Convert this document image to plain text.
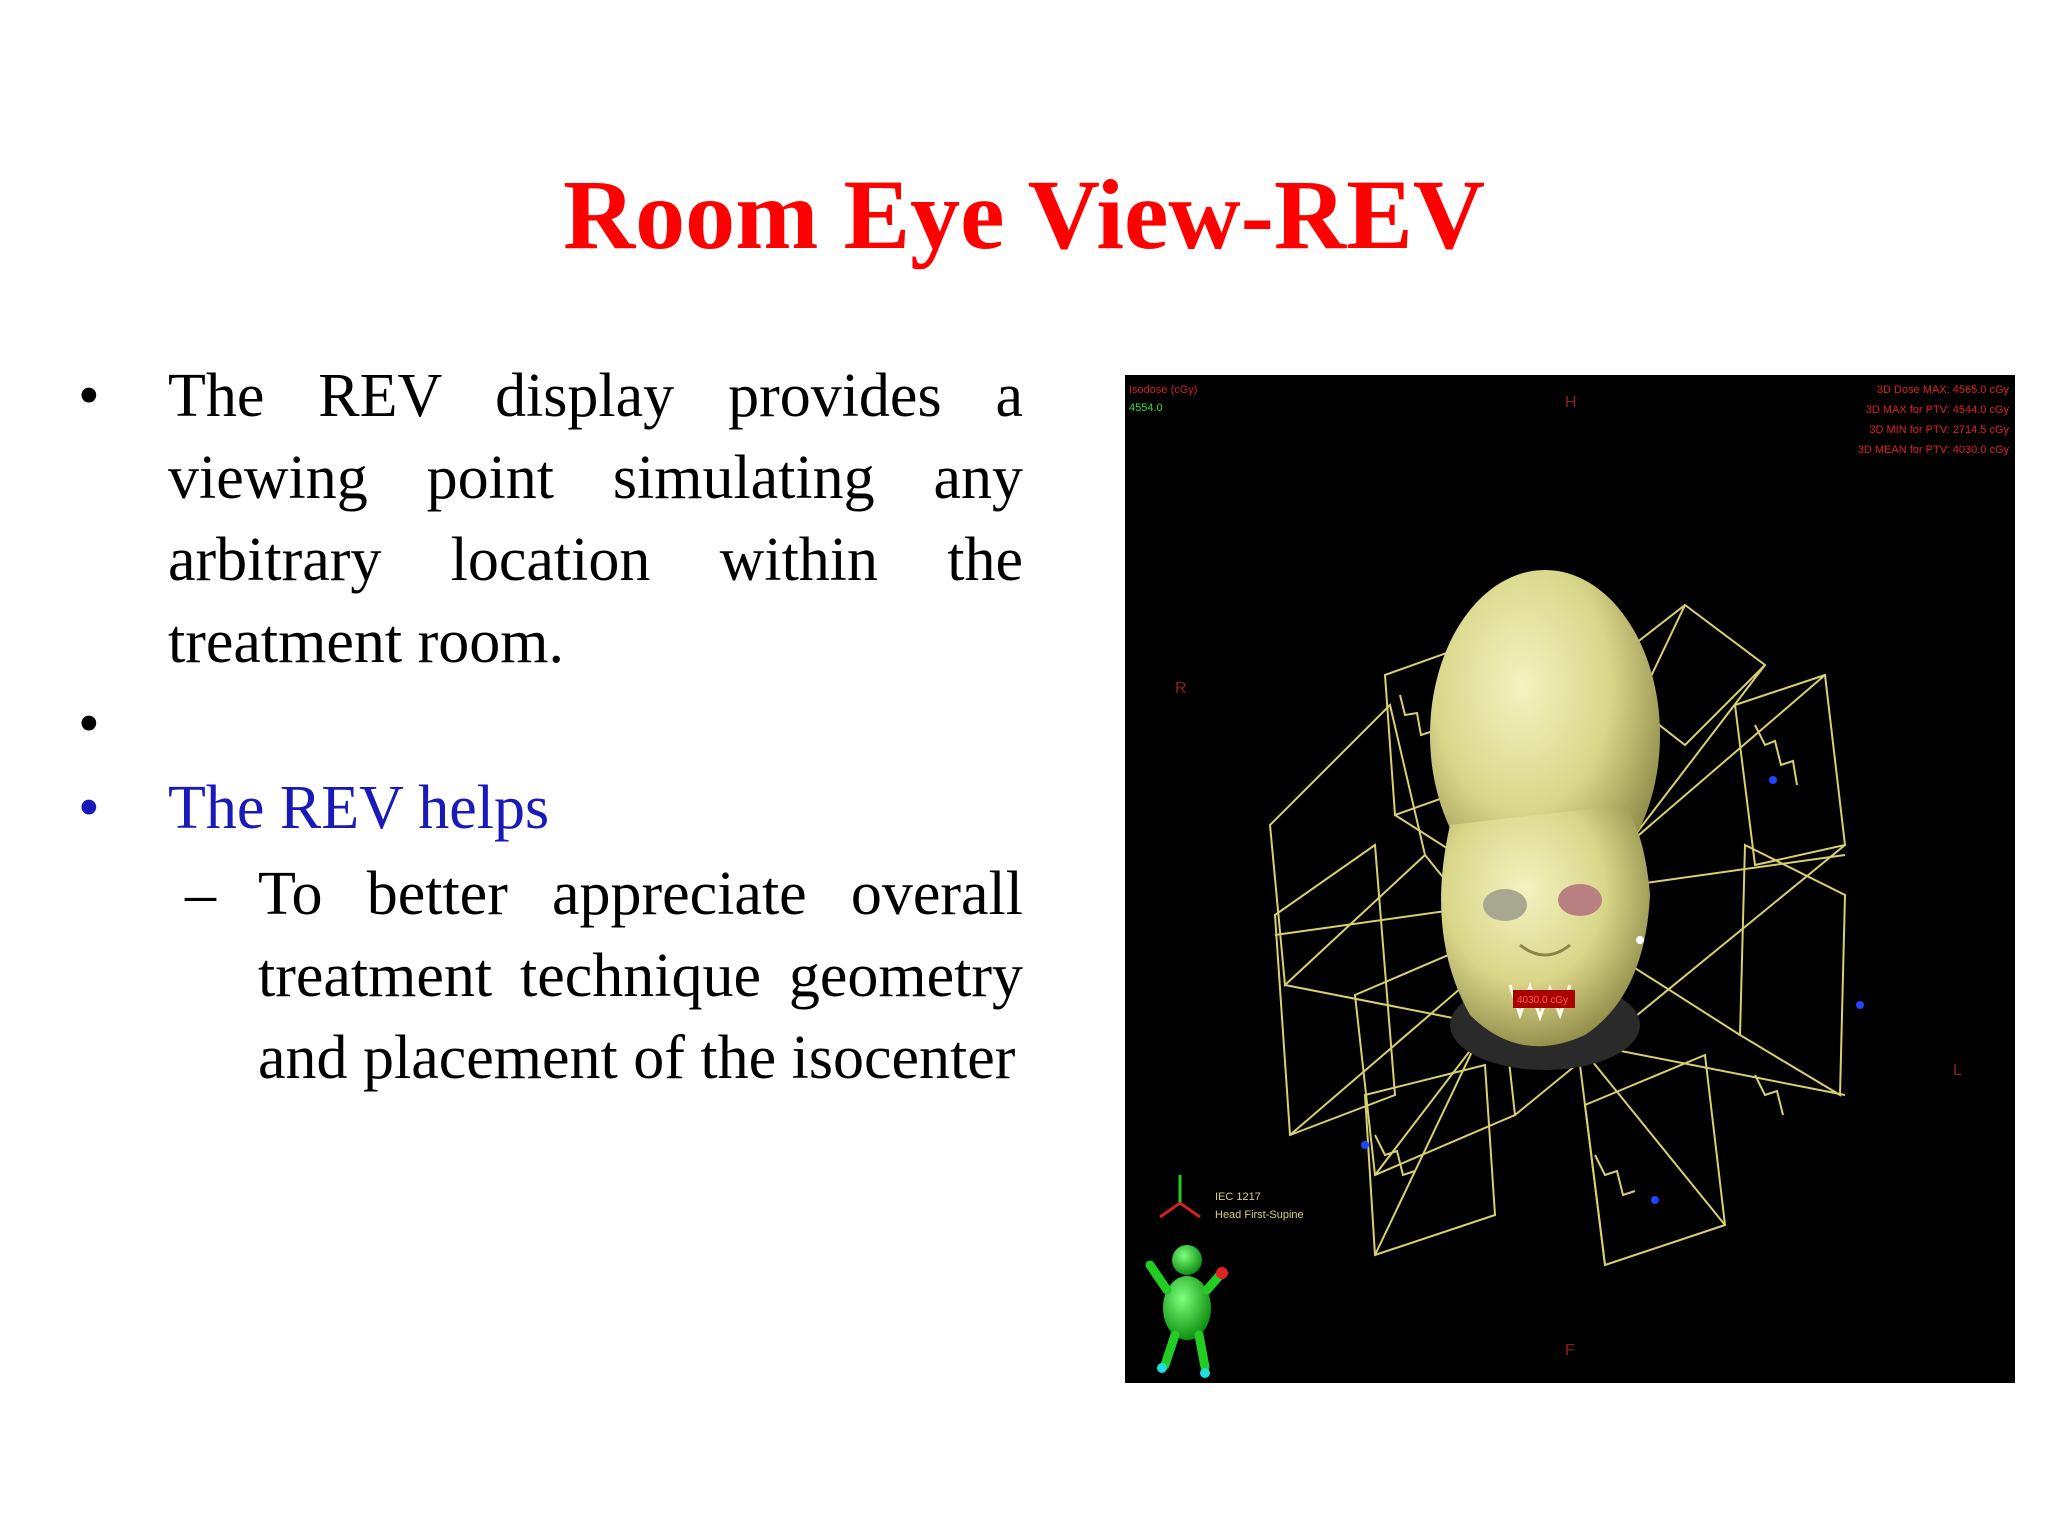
Room Eye View-REV
• The REV display provides a viewing point simulating any arbitrary location within the treatment room.
•
• The REV helps
– To better appreciate overall treatment technique geometry and placement of the isocenter
Isodose (cGy)
4554.0
3D Dose MAX: 4565.0 cGy
3D MAX for PTV: 4544.0 cGy
3D MIN for PTV: 2714.5 cGy
3D MEAN for PTV: 4030.0 cGy
H
R
L
F
4030.0 cGy
IEC 1217
Head First-Supine
